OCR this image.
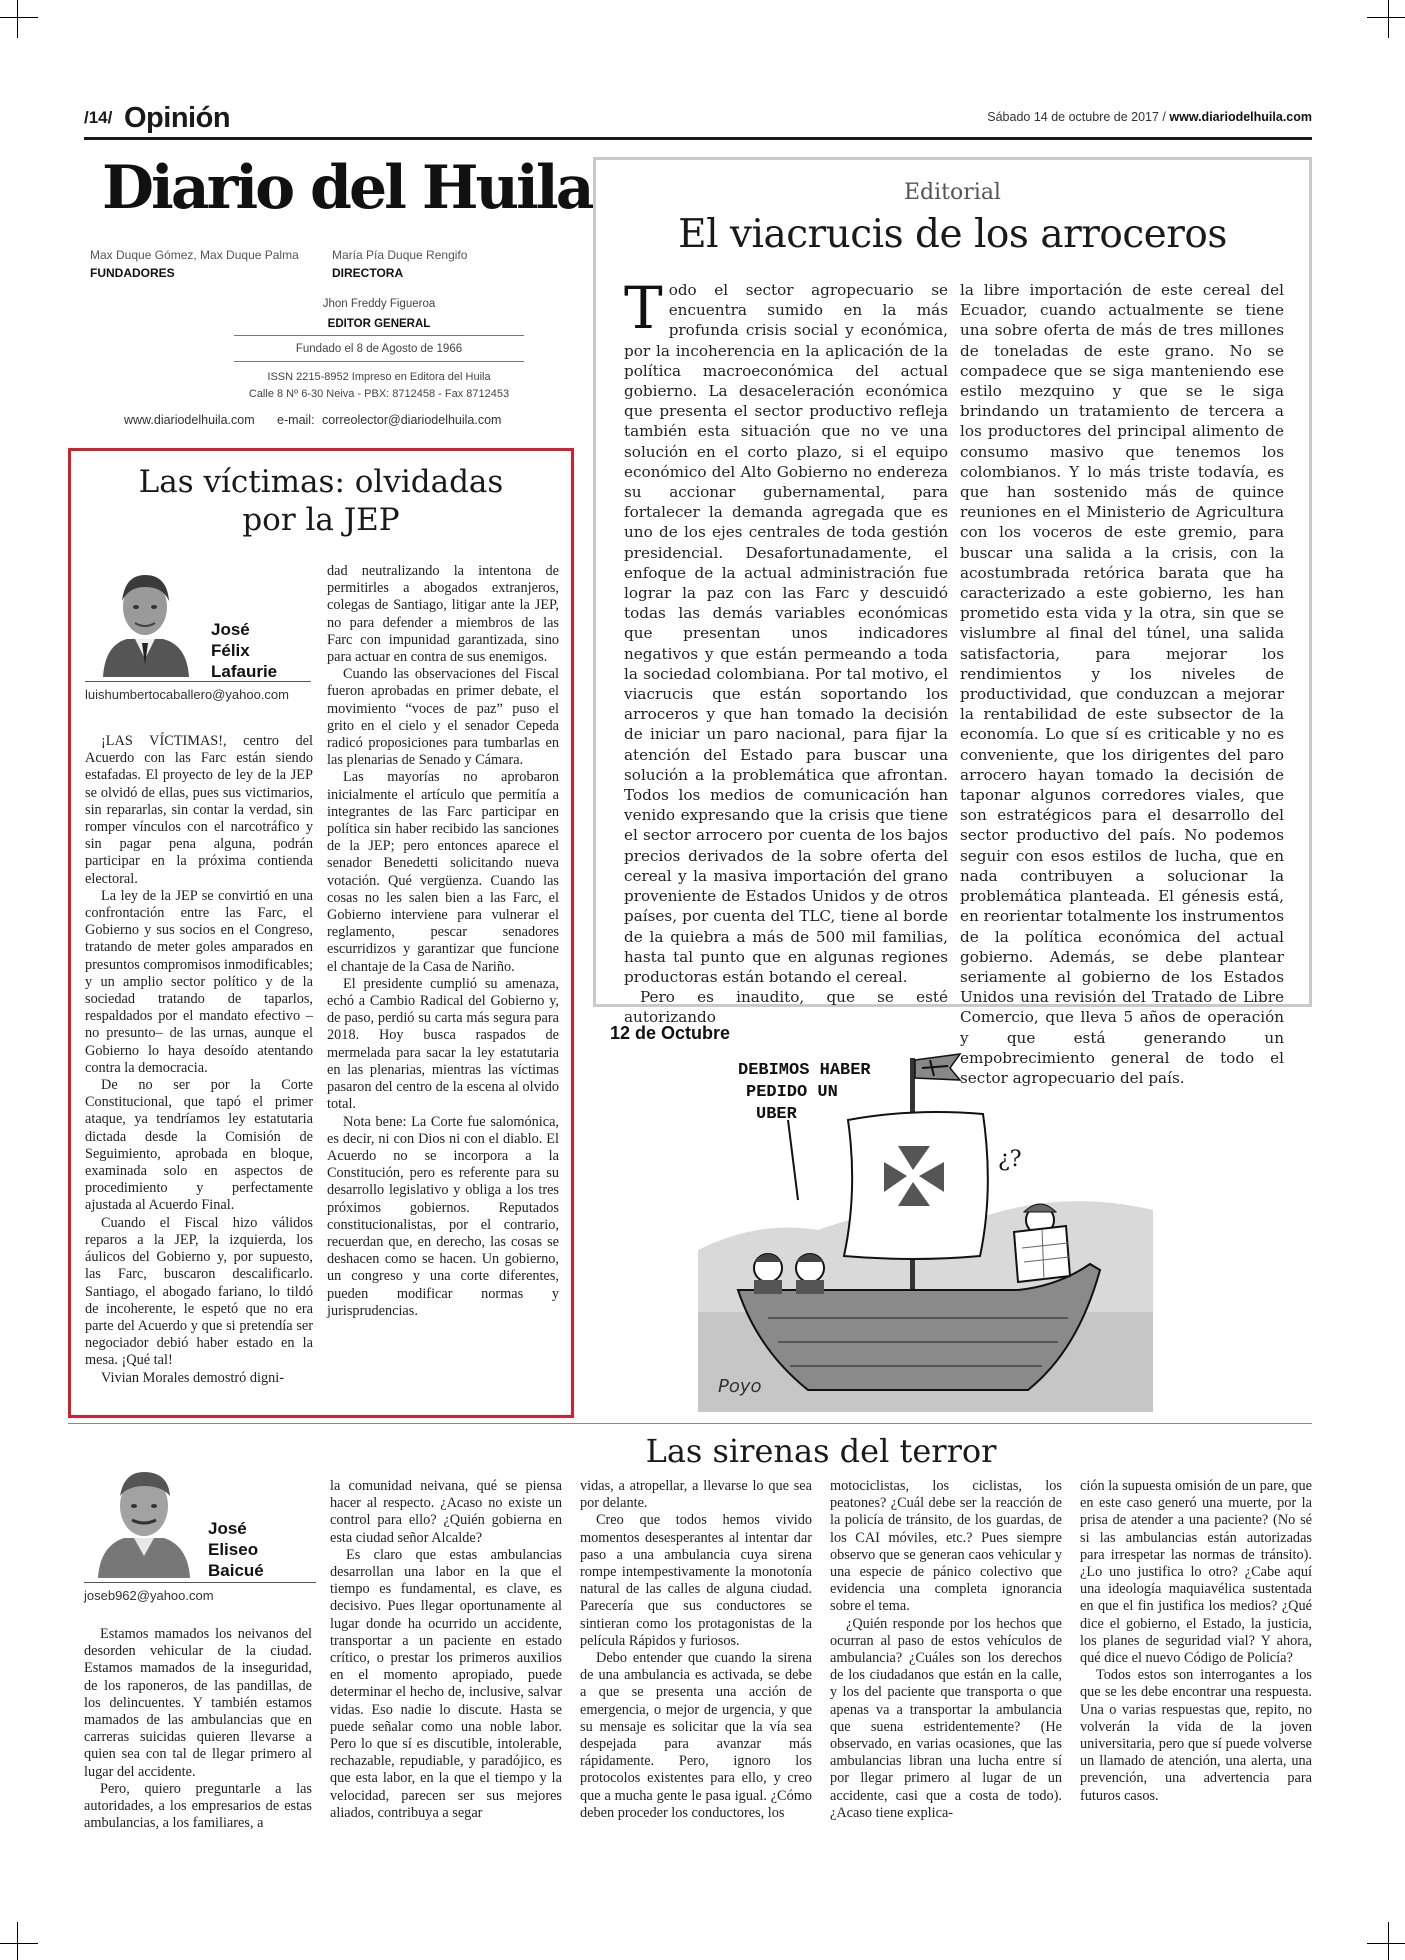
/14/ Opinión	Sábado 14 de octubre de 2017 / www.diariodelhuila.com
Diario del Huila
Max Duque Gómez, Max Duque Palma
FUNDADORES
María Pía Duque Rengifo
DIRECTORA
Jhon Freddy Figueroa
EDITOR GENERAL
Fundado el 8 de Agosto de 1966
ISSN 2215-8952 Impreso en Editora del Huila
Calle 8 Nº 6-30 Neiva - PBX: 8712458 - Fax 8712453
www.diariodelhuila.com e-mail: correolector@diariodelhuila.com
Las víctimas: olvidadas
por la JEP
José
Félix
Lafaurie
luishumbertocaballero@yahoo.com

¡LAS VÍCTIMAS!, centro del Acuerdo con las Farc están siendo estafadas. El proyecto de ley de la JEP se olvidó de ellas, pues sus victimarios, sin repararlas, sin contar la verdad, sin romper vínculos con el narcotráfico y sin pagar pena alguna, podrán participar en la próxima contienda electoral.

La ley de la JEP se convirtió en una confrontación entre las Farc, el Gobierno y sus socios en el Congreso, tratando de meter goles amparados en presuntos compromisos inmodificables; y un amplio sector político y de la sociedad tratando de taparlos, respaldados por el mandato efectivo –no presunto– de las urnas, aunque el Gobierno lo haya desoído atentando contra la democracia.

De no ser por la Corte Constitucional, que tapó el primer ataque, ya tendríamos ley estatutaria dictada desde la Comisión de Seguimiento, aprobada en bloque, examinada solo en aspectos de procedimiento y perfectamente ajustada al Acuerdo Final.

Cuando el Fiscal hizo válidos reparos a la JEP, la izquierda, los áulicos del Gobierno y, por supuesto, las Farc, buscaron descalificarlo. Santiago, el abogado fariano, lo tildó de incoherente, le espetó que no era parte del Acuerdo y que si pretendía ser negociador debió haber estado en la mesa. ¡Qué tal!

Vivian Morales demostró digni-

dad neutralizando la intentona de permitirles a abogados extranjeros, colegas de Santiago, litigar ante la JEP, no para defender a miembros de las Farc con impunidad garantizada, sino para actuar en contra de sus enemigos.

Cuando las observaciones del Fiscal fueron aprobadas en primer debate, el movimiento “voces de paz” puso el grito en el cielo y el senador Cepeda radicó proposiciones para tumbarlas en las plenarias de Senado y Cámara.

Las mayorías no aprobaron inicialmente el artículo que permitía a integrantes de las Farc participar en política sin haber recibido las sanciones de la JEP; pero entonces aparece el senador Benedetti solicitando nueva votación. Qué vergüenza. Cuando las cosas no les salen bien a las Farc, el Gobierno interviene para vulnerar el reglamento, pescar senadores escurridizos y garantizar que funcione el chantaje de la Casa de Nariño.

El presidente cumplió su amenaza, echó a Cambio Radical del Gobierno y, de paso, perdió su carta más segura para 2018. Hoy busca raspados de mermelada para sacar la ley estatutaria en las plenarias, mientras las víctimas pasaron del centro de la escena al olvido total.

Nota bene: La Corte fue salomónica, es decir, ni con Dios ni con el diablo. El Acuerdo no se incorpora a la Constitución, pero es referente para su desarrollo legislativo y obliga a los tres próximos gobiernos. Reputados constitucionalistas, por el contrario, recuerdan que, en derecho, las cosas se deshacen como se hacen. Un gobierno, un congreso y una corte diferentes, pueden modificar normas y jurisprudencias.

Editorial
El viacrucis de los arroceros

Todo el sector agropecuario se encuentra sumido en la más profunda crisis social y económica, por la incoherencia en la aplicación de la política macroeconómica del actual gobierno. La desaceleración económica que presenta el sector productivo refleja también esta situación que no ve una solución en el corto plazo, si el equipo económico del Alto Gobierno no endereza su accionar gubernamental, para fortalecer la demanda agregada que es uno de los ejes centrales de toda gestión presidencial. Desafortunadamente, el enfoque de la actual administración fue lograr la paz con las Farc y descuidó todas las demás variables económicas que presentan unos indicadores negativos y que están permeando a toda la sociedad colombiana. Por tal motivo, el viacrucis que están soportando los arroceros y que han tomado la decisión de iniciar un paro nacional, para fijar la atención del Estado para buscar una solución a la problemática que afrontan. Todos los medios de comunicación han venido expresando que la crisis que tiene el sector arrocero por cuenta de los bajos precios derivados de la sobre oferta del cereal y la masiva importación del grano proveniente de Estados Unidos y de otros países, por cuenta del TLC, tiene al borde de la quiebra a más de 500 mil familias, hasta tal punto que en algunas regiones productoras están botando el cereal.

Pero es inaudito, que se esté autorizando

la libre importación de este cereal del Ecuador, cuando actualmente se tiene una sobre oferta de más de tres millones de toneladas de este grano. No se compadece que se siga manteniendo ese estilo mezquino y que se le siga brindando un tratamiento de tercera a los productores del principal alimento de consumo masivo que tenemos los colombianos. Y lo más triste todavía, es que han sostenido más de quince reuniones en el Ministerio de Agricultura con los voceros de este gremio, para buscar una salida a la crisis, con la acostumbrada retórica barata que ha caracterizado a este gobierno, les han prometido esta vida y la otra, sin que se vislumbre al final del túnel, una salida satisfactoria, para mejorar los rendimientos y los niveles de productividad, que conduzcan a mejorar la rentabilidad de este subsector de la economía. Lo que sí es criticable y no es conveniente, que los dirigentes del paro arrocero hayan tomado la decisión de taponar algunos corredores viales, que son estratégicos para el desarrollo del sector productivo del país. No podemos seguir con esos estilos de lucha, que en nada contribuyen a solucionar la problemática planteada. El génesis está, en reorientar totalmente los instrumentos de la política económica del actual gobierno. Además, se debe plantear seriamente al gobierno de los Estados Unidos una revisión del Tratado de Libre Comercio, que lleva 5 años de operación y que está generando un empobrecimiento general de todo el sector agropecuario del país.

12 de Octubre
DEBIMOS HABER
PEDIDO UN
UBER
¿?
Poyo
Las sirenas del terror
José
Eliseo
Baicué
joseb962@yahoo.com

Estamos mamados los neivanos del desorden vehicular de la ciudad. Estamos mamados de la inseguridad, de los raponeros, de las pandillas, de los delincuentes. Y también estamos mamados de las ambulancias que en carreras suicidas quieren llevarse a quien sea con tal de llegar primero al lugar del accidente.

Pero, quiero preguntarle a las autoridades, a los empresarios de estas ambulancias, a los familiares, a

la comunidad neivana, qué se piensa hacer al respecto. ¿Acaso no existe un control para ello? ¿Quién gobierna en esta ciudad señor Alcalde?

Es claro que estas ambulancias desarrollan una labor en la que el tiempo es fundamental, es clave, es decisivo. Pues llegar oportunamente al lugar donde ha ocurrido un accidente, transportar a un paciente en estado crítico, o prestar los primeros auxilios en el momento apropiado, puede determinar el hecho de, inclusive, salvar vidas. Eso nadie lo discute. Hasta se puede señalar como una noble labor. Pero lo que sí es discutible, intolerable, rechazable, repudiable, y paradójico, es que esta labor, en la que el tiempo y la velocidad, parecen ser sus mejores aliados, contribuya a segar

vidas, a atropellar, a llevarse lo que sea por delante.

Creo que todos hemos vivido momentos desesperantes al intentar dar paso a una ambulancia cuya sirena rompe intempestivamente la monotonía natural de las calles de alguna ciudad. Parecería que sus conductores se sintieran como los protagonistas de la película Rápidos y furiosos.

Debo entender que cuando la sirena de una ambulancia es activada, se debe a que se presenta una acción de emergencia, o mejor de urgencia, y que su mensaje es solicitar que la vía sea despejada para avanzar más rápidamente. Pero, ignoro los protocolos existentes para ello, y creo que a mucha gente le pasa igual. ¿Cómo deben proceder los conductores, los

motociclistas, los ciclistas, los peatones? ¿Cuál debe ser la reacción de la policía de tránsito, de los guardas, de los CAI móviles, etc.? Pues siempre observo que se generan caos vehicular y una especie de pánico colectivo que evidencia una completa ignorancia sobre el tema.

¿Quién responde por los hechos que ocurran al paso de estos vehículos de ambulancia? ¿Cuáles son los derechos de los ciudadanos que están en la calle, y los del paciente que transporta o que apenas va a transportar la ambulancia que suena estridentemente? (He observado, en varias ocasiones, que las ambulancias libran una lucha entre sí por llegar primero al lugar de un accidente, casi que a costa de todo). ¿Acaso tiene explica-

ción la supuesta omisión de un pare, que en este caso generó una muerte, por la prisa de atender a una paciente? (No sé si las ambulancias están autorizadas para irrespetar las normas de tránsito). ¿Lo uno justifica lo otro? ¿Cabe aquí una ideología maquiavélica sustentada en que el fin justifica los medios? ¿Qué dice el gobierno, el Estado, la justicia, los planes de seguridad vial? Y ahora, qué dice el nuevo Código de Policía?

Todos estos son interrogantes a los que se les debe encontrar una respuesta. Una o varias respuestas que, repito, no volverán la vida de la joven universitaria, pero que sí puede volverse un llamado de atención, una alerta, una prevención, una advertencia para futuros casos.
